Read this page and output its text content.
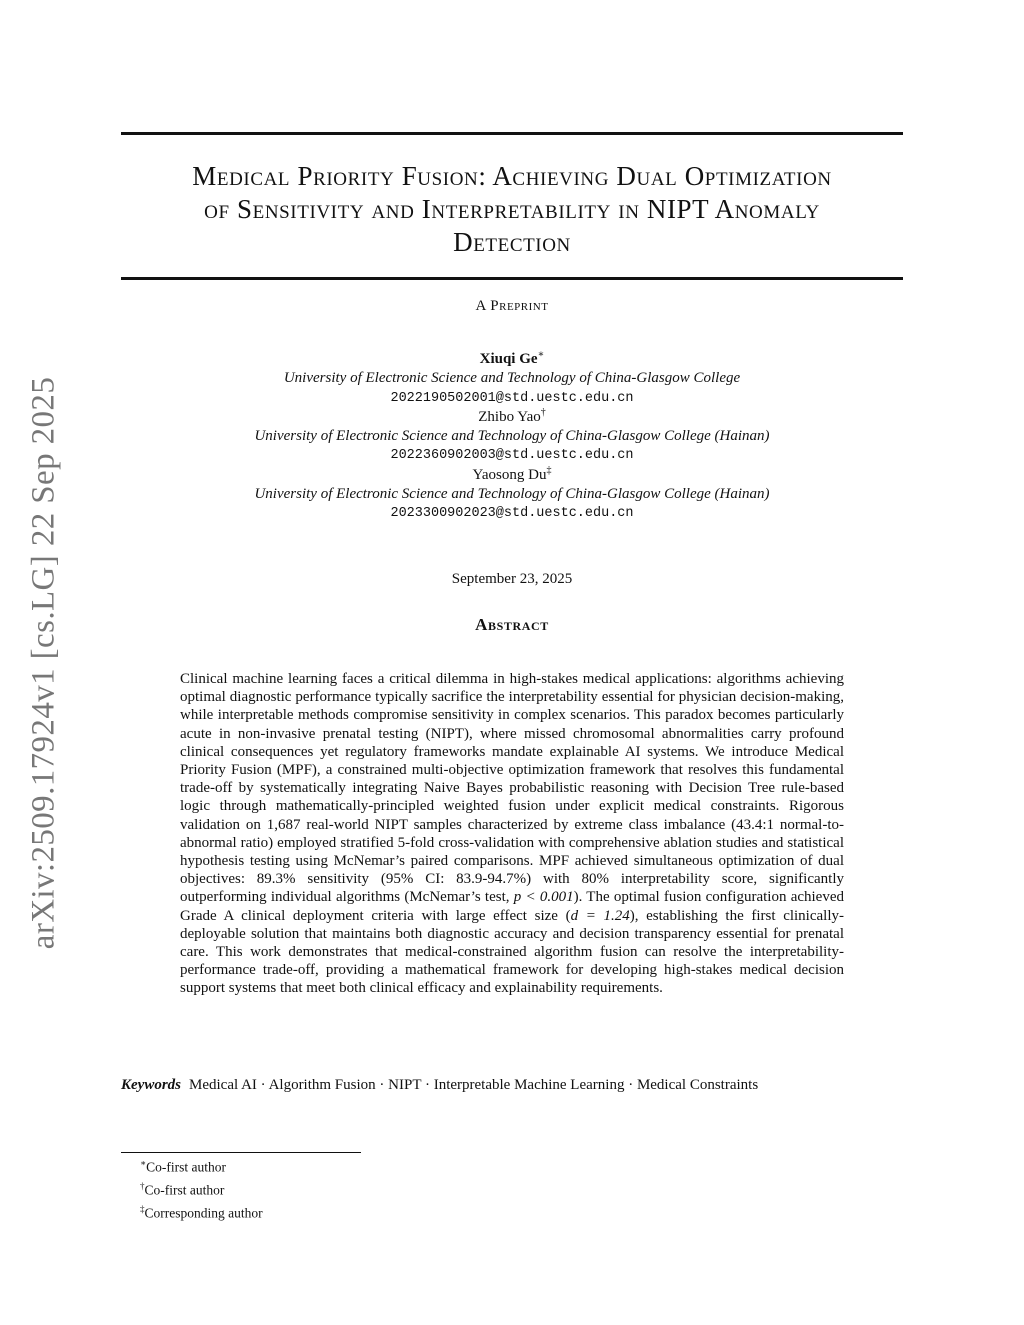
arXiv:2509.17924v1 [cs.LG] 22 Sep 2025
Medical Priority Fusion: Achieving Dual Optimization
of Sensitivity and Interpretability in NIPT Anomaly
Detection
A Preprint
Xiuqi Ge∗
University of Electronic Science and Technology of China-Glasgow College
2022190502001@std.uestc.edu.cn
Zhibo Yao†
University of Electronic Science and Technology of China-Glasgow College (Hainan)
2022360902003@std.uestc.edu.cn
Yaosong Du‡
University of Electronic Science and Technology of China-Glasgow College (Hainan)
2023300902023@std.uestc.edu.cn
September 23, 2025
Abstract
Clinical machine learning faces a critical dilemma in high-stakes medical applications: algorithms achieving optimal diagnostic performance typically sacrifice the interpretability essential for physician decision-making, while interpretable methods compromise sensitivity in complex scenarios. This paradox becomes particularly acute in non-invasive prenatal testing (NIPT), where missed chromosomal abnormalities carry profound clinical consequences yet regulatory frameworks mandate explainable AI systems. We introduce Medical Priority Fusion (MPF), a constrained multi-objective optimization framework that resolves this fundamental trade-off by systematically integrating Naive Bayes probabilistic reasoning with Decision Tree rule-based logic through mathematically-principled weighted fusion under explicit medical constraints. Rigorous validation on 1,687 real-world NIPT samples characterized by extreme class imbalance (43.4:1 normal-to-abnormal ratio) employed stratified 5-fold cross-validation with comprehensive ablation studies and statistical hypothesis testing using McNemar’s paired comparisons. MPF achieved simultaneous optimization of dual objectives: 89.3% sensitivity (95% CI: 83.9-94.7%) with 80% interpretability score, significantly outperforming individual algorithms (McNemar’s test, p < 0.001). The optimal fusion configuration achieved Grade A clinical deployment criteria with large effect size (d = 1.24), establishing the first clinically-deployable solution that maintains both diagnostic accuracy and decision transparency essential for prenatal care. This work demonstrates that medical-constrained algorithm fusion can resolve the interpretability-performance trade-off, providing a mathematical framework for developing high-stakes medical decision support systems that meet both clinical efficacy and explainability requirements.
Keywords Medical AI · Algorithm Fusion · NIPT · Interpretable Machine Learning · Medical Constraints
∗Co-first author
†Co-first author
‡Corresponding author
